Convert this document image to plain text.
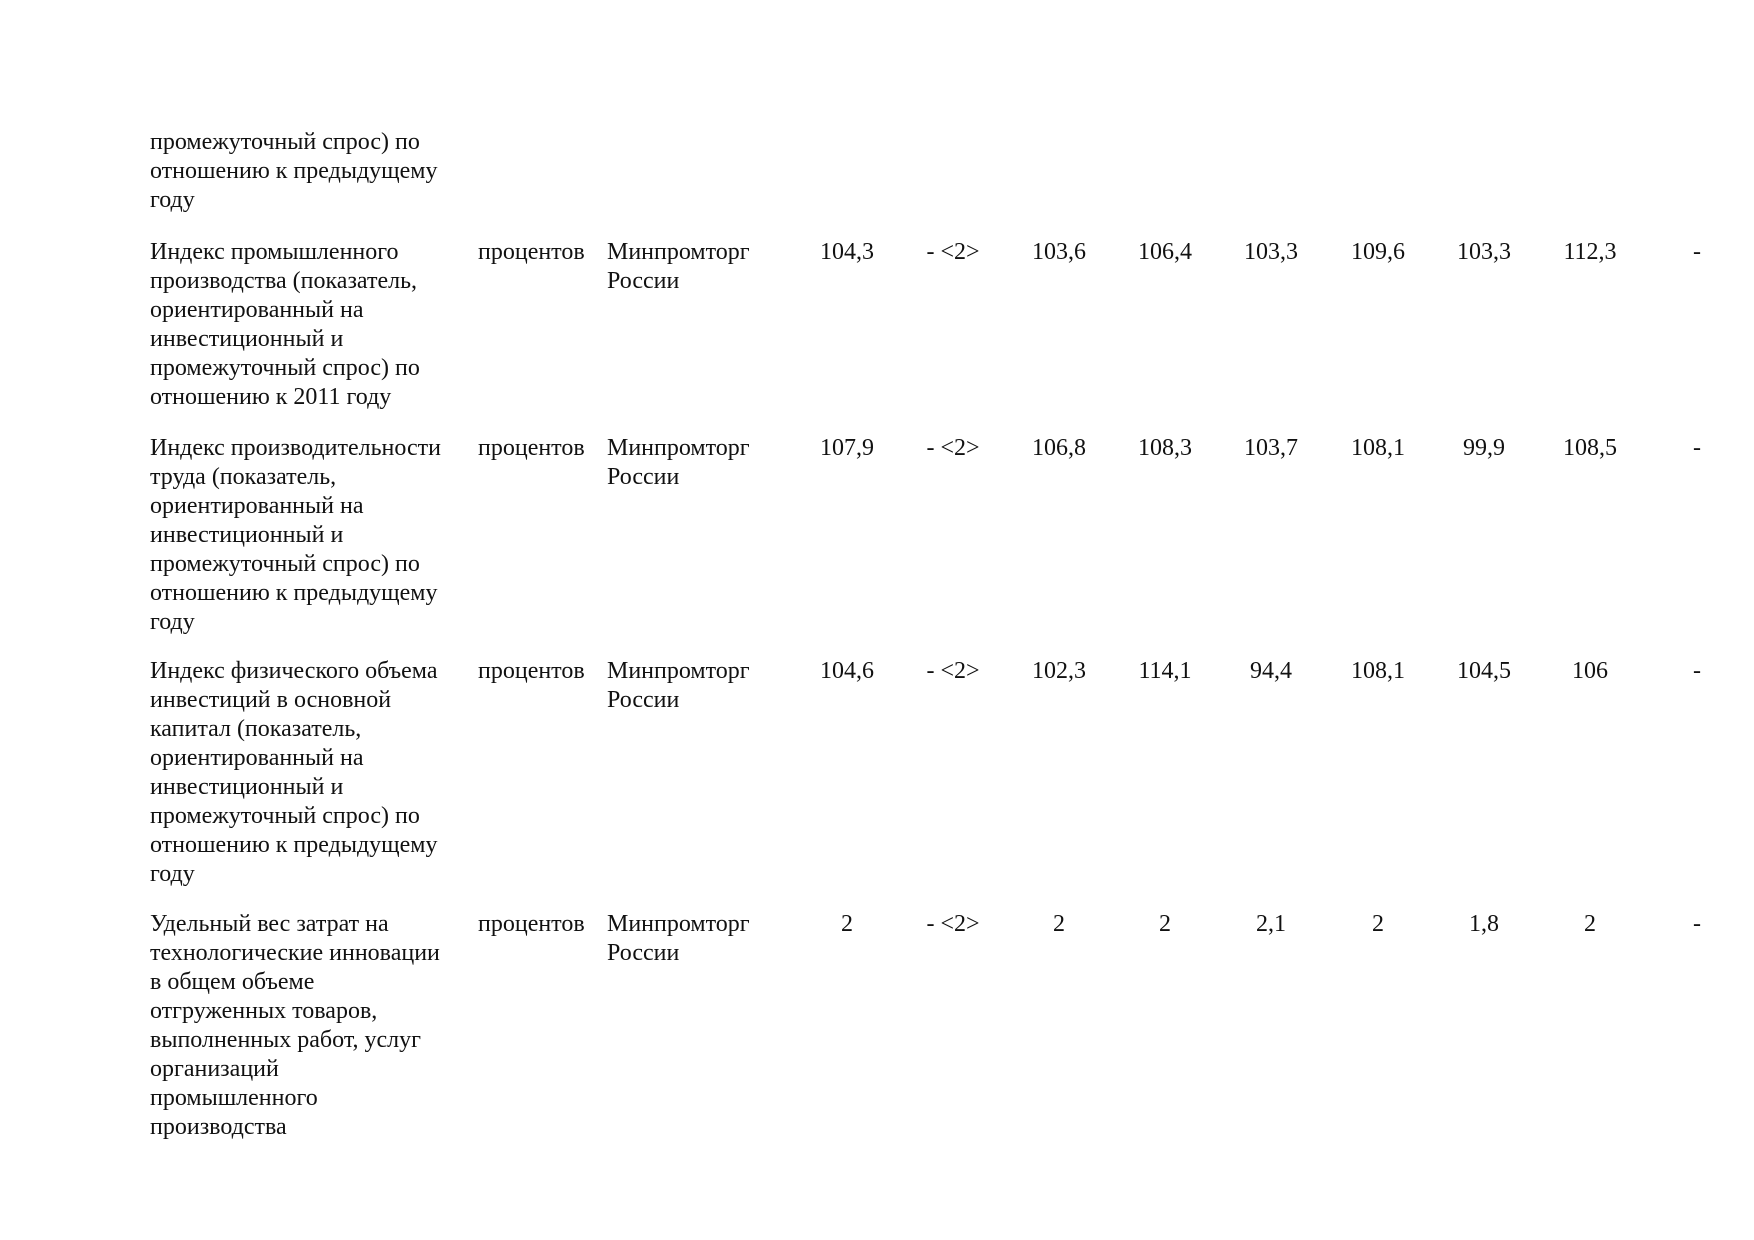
промежуточный спрос) по
отношению к предыдущему
году
Индекс промышленного
производства (показатель,
ориентированный на
инвестиционный и
промежуточный спрос) по
отношению к 2011 году
процентов Минпромторг
России
104,3	- <2>	103,6	106,4	103,3	109,6	103,3	112,3	-
Индекс производительности
труда (показатель,
ориентированный на
инвестиционный и
промежуточный спрос) по
отношению к предыдущему
году
процентов Минпромторг
России
107,9	- <2>	106,8	108,3	103,7	108,1	99,9	108,5	-
Индекс физического объема
инвестиций в основной
капитал (показатель,
ориентированный на
инвестиционный и
промежуточный спрос) по
отношению к предыдущему
году
процентов Минпромторг
России
104,6	- <2>	102,3	114,1	94,4	108,1	104,5	106	-
Удельный вес затрат на
технологические инновации
в общем объеме
отгруженных товаров,
выполненных работ, услуг
организаций
промышленного
производства
процентов Минпромторг
России
2	- <2>	2	2	2,1	2	1,8	2	-
